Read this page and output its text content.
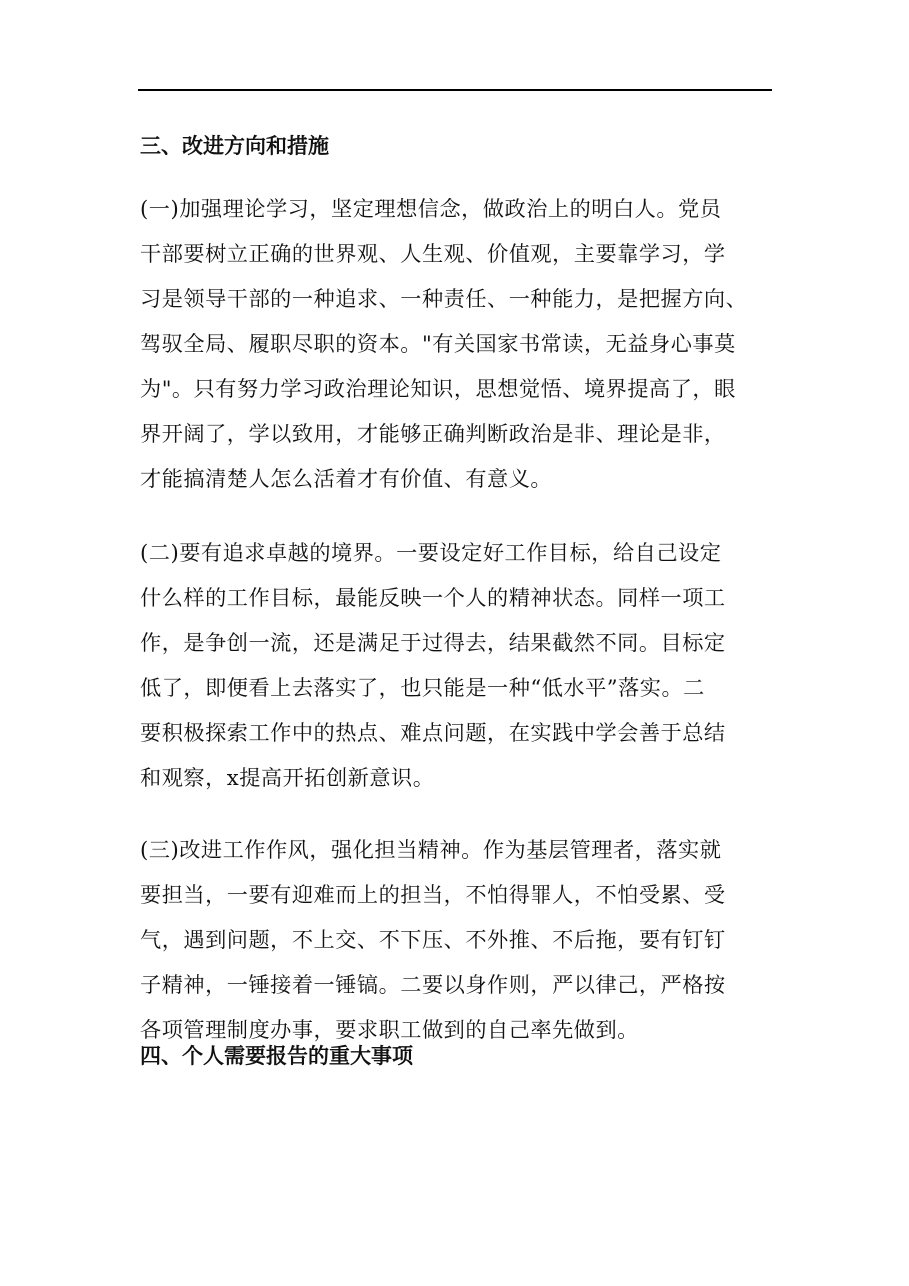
三、改进方向和措施
(一)加强理论学习，坚定理想信念，做政治上的明白人。党员
干部要树立正确的世界观、人生观、价值观，主要靠学习，学
习是领导干部的一种追求、一种责任、一种能力，是把握方向、
驾驭全局、履职尽职的资本。"有关国家书常读，无益身心事莫
为"。只有努力学习政治理论知识，思想觉悟、境界提高了，眼
界开阔了，学以致用，才能够正确判断政治是非、理论是非，
才能搞清楚人怎么活着才有价值、有意义。
(二)要有追求卓越的境界。一要设定好工作目标，给自己设定
什么样的工作目标，最能反映一个人的精神状态。同样一项工
作，是争创一流，还是满足于过得去，结果截然不同。目标定
低了，即便看上去落实了，也只能是一种“低水平”落实。二
要积极探索工作中的热点、难点问题，在实践中学会善于总结
和观察，x提高开拓创新意识。
(三)改进工作作风，强化担当精神。作为基层管理者，落实就
要担当，一要有迎难而上的担当，不怕得罪人，不怕受累、受
气，遇到问题，不上交、不下压、不外推、不后拖，要有钉钉
子精神，一锤接着一锤镐。二要以身作则，严以律己，严格按
各项管理制度办事，要求职工做到的自己率先做到。
四、个人需要报告的重大事项
